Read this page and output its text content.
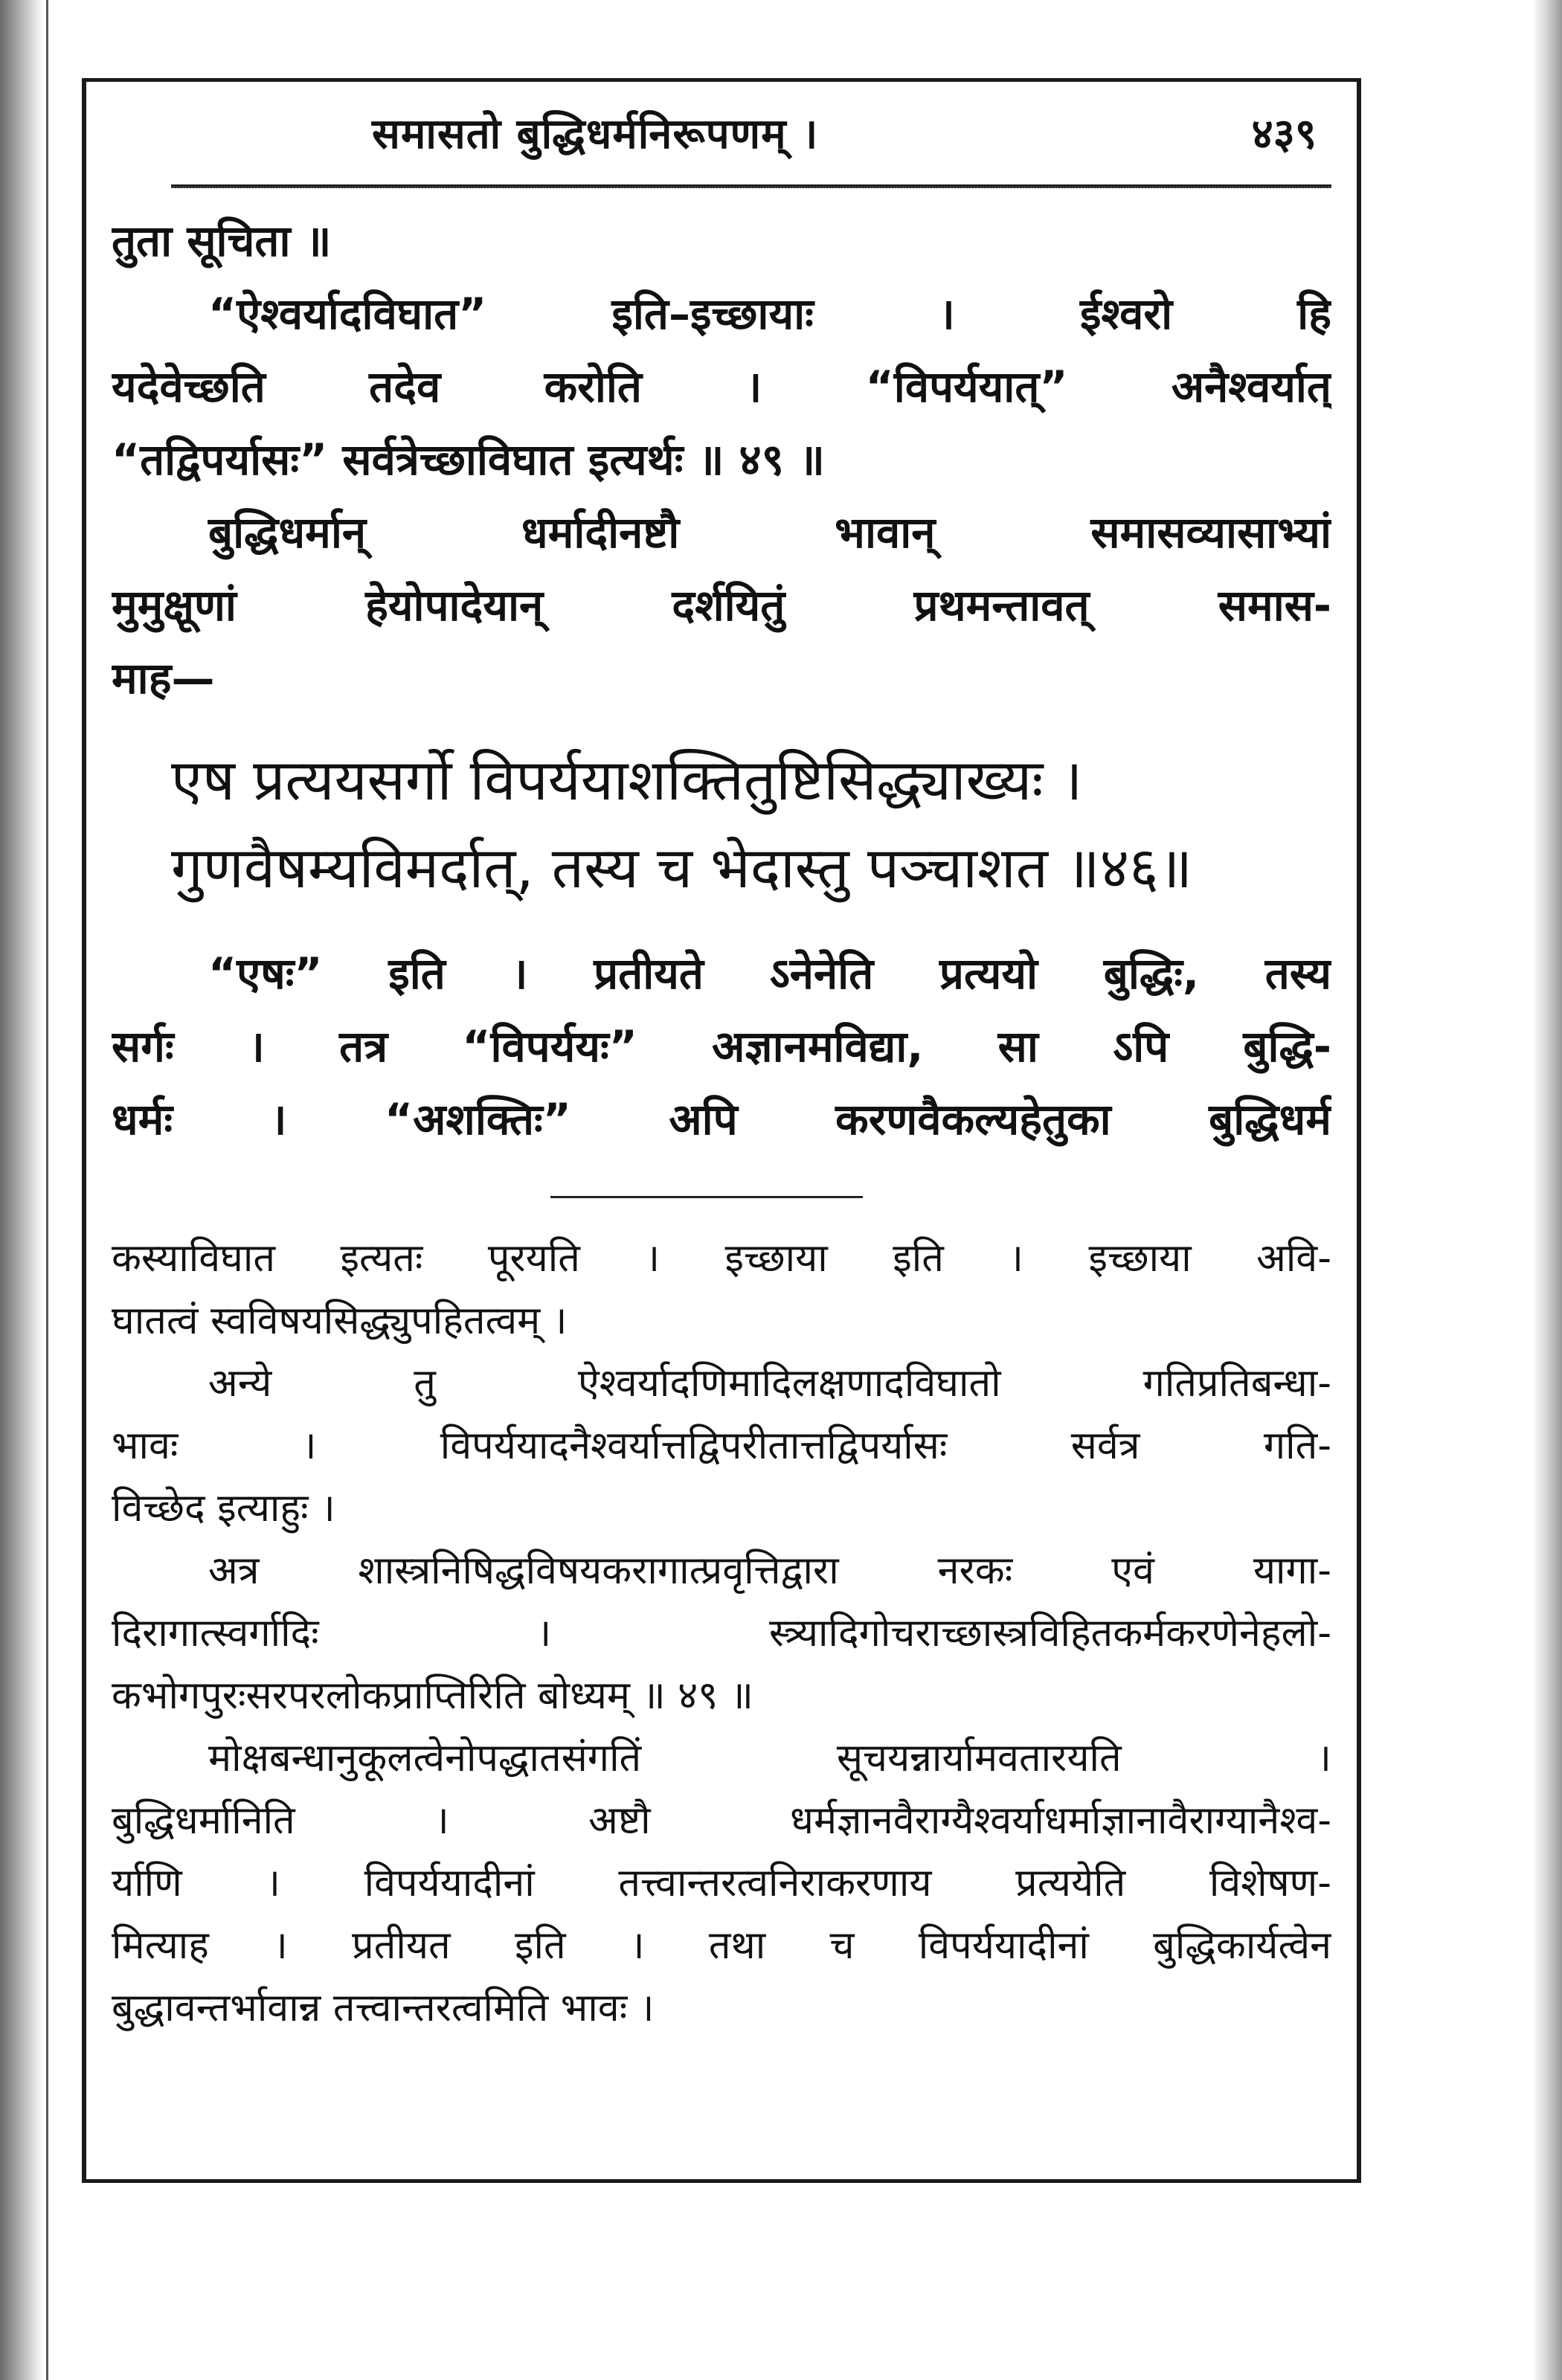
समासतो बुद्धिधर्मनिरूपणम् ।	४३९
तुता सूचिता ॥
“ऐश्वर्यादविघात” इति–इच्छायाः । ईश्वरो हि
यदेवेच्छति तदेव करोति । “विपर्ययात्” अनैश्वर्यात्
“तद्विपर्यासः” सर्वत्रेच्छाविघात इत्यर्थः ॥ ४९ ॥
बुद्धिधर्मान् धर्मादीनष्टौ भावान् समासव्यासाभ्यां
मुमुक्षूणां हेयोपादेयान् दर्शयितुं प्रथमन्तावत् समास-
माह—
एष प्रत्ययसर्गो विपर्ययाशक्तितुष्टिसिद्ध्याख्यः ।
गुणवैषम्यविमर्दात्, तस्य च भेदास्तु पञ्चाशत ॥४६॥
“एषः” इति । प्रतीयते ऽनेनेति प्रत्ययो बुद्धिः, तस्य
सर्गः । तत्र “विपर्ययः” अज्ञानमविद्या, सा ऽपि बुद्धि-
धर्मः । “अशक्तिः” अपि करणवैकल्यहेतुका बुद्धिधर्म
कस्याविघात इत्यतः पूरयति । इच्छाया इति । इच्छाया अवि-
घातत्वं स्वविषयसिद्ध्युपहितत्वम् ।
अन्ये तु ऐश्वर्यादणिमादिलक्षणादविघातो गतिप्रतिबन्धा-
भावः । विपर्ययादनैश्वर्यात्तद्विपरीतात्तद्विपर्यासः सर्वत्र गति-
विच्छेद इत्याहुः ।
अत्र शास्त्रनिषिद्धविषयकरागात्प्रवृत्तिद्वारा नरकः एवं यागा-
दिरागात्स्वर्गादिः । स्त्र्यादिगोचराच्छास्त्रविहितकर्मकरणेनेहलो-
कभोगपुरःसरपरलोकप्राप्तिरिति बोध्यम् ॥ ४९ ॥
मोक्षबन्धानुकूलत्वेनोपद्धातसंगतिं सूचयन्नार्यामवतारयति ।
बुद्धिधर्मानिति । अष्टौ धर्मज्ञानवैराग्यैश्वर्याधर्माज्ञानावैराग्यानैश्व-
र्याणि । विपर्ययादीनां तत्त्वान्तरत्वनिराकरणाय प्रत्ययेति विशेषण-
मित्याह । प्रतीयत इति । तथा च विपर्ययादीनां बुद्धिकार्यत्वेन
बुद्धावन्तर्भावान्न तत्त्वान्तरत्वमिति भावः ।
